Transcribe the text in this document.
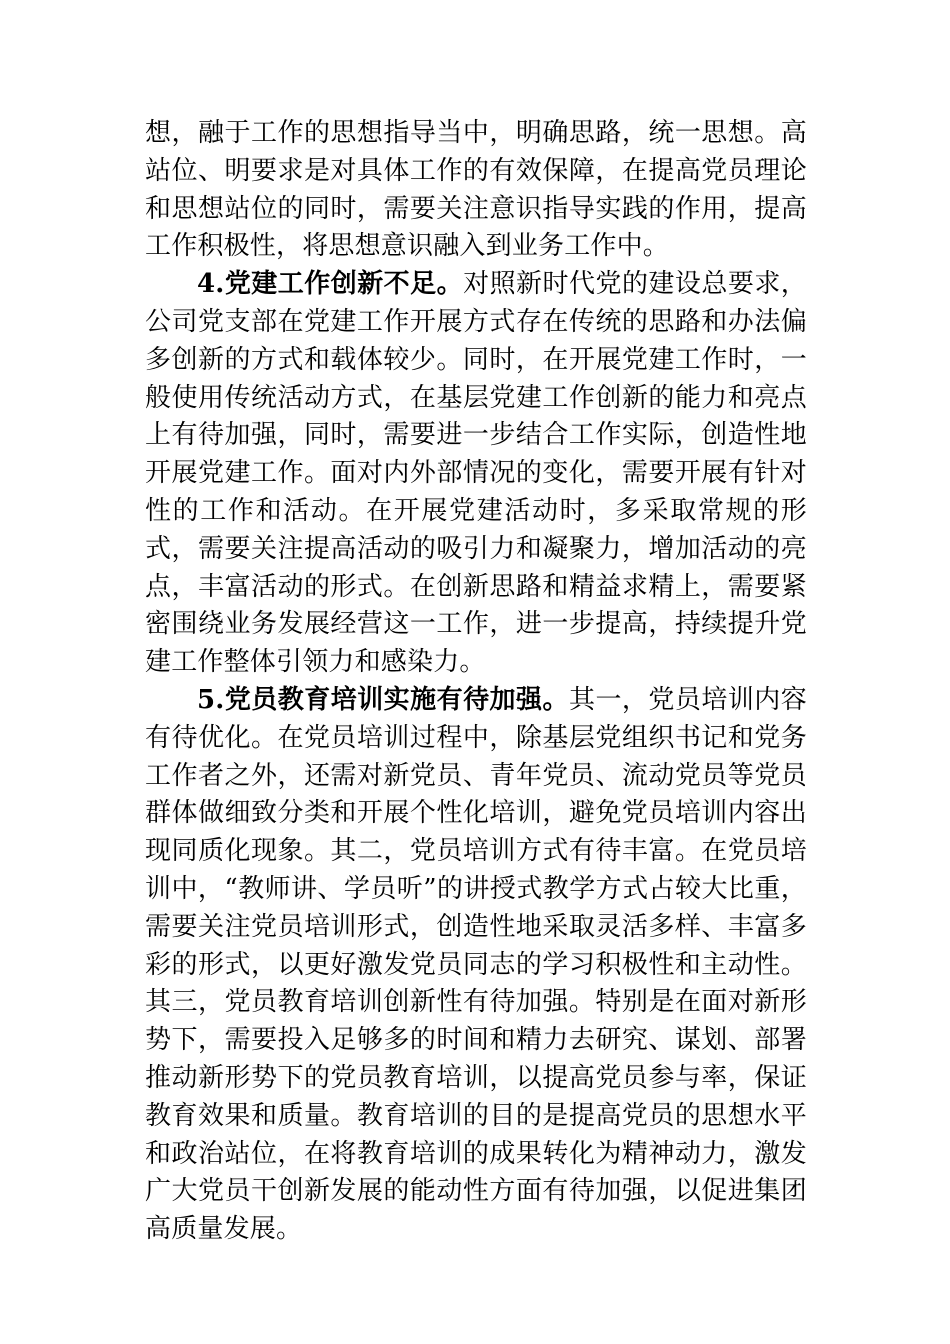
想，融于工作的思想指导当中，明确思路，统一思想。高站位、明要求是对具体工作的有效保障，在提高党员理论和思想站位的同时，需要关注意识指导实践的作用，提高工作积极性，将思想意识融入到业务工作中。

4.党建工作创新不足。对照新时代党的建设总要求，公司党支部在党建工作开展方式存在传统的思路和办法偏多创新的方式和载体较少。同时，在开展党建工作时，一般使用传统活动方式，在基层党建工作创新的能力和亮点上有待加强，同时，需要进一步结合工作实际，创造性地开展党建工作。面对内外部情况的变化，需要开展有针对性的工作和活动。在开展党建活动时，多采取常规的形式，需要关注提高活动的吸引力和凝聚力，增加活动的亮点，丰富活动的形式。在创新思路和精益求精上，需要紧密围绕业务发展经营这一工作，进一步提高，持续提升党建工作整体引领力和感染力。

5.党员教育培训实施有待加强。其一，党员培训内容有待优化。在党员培训过程中，除基层党组织书记和党务工作者之外，还需对新党员、青年党员、流动党员等党员群体做细致分类和开展个性化培训，避免党员培训内容出现同质化现象。其二，党员培训方式有待丰富。在党员培训中，“教师讲、学员听”的讲授式教学方式占较大比重，需要关注党员培训形式，创造性地采取灵活多样、丰富多彩的形式，以更好激发党员同志的学习积极性和主动性。其三，党员教育培训创新性有待加强。特别是在面对新形势下，需要投入足够多的时间和精力去研究、谋划、部署推动新形势下的党员教育培训，以提高党员参与率，保证教育效果和质量。教育培训的目的是提高党员的思想水平和政治站位，在将教育培训的成果转化为精神动力，激发广大党员干创新发展的能动性方面有待加强，以促进集团高质量发展。
